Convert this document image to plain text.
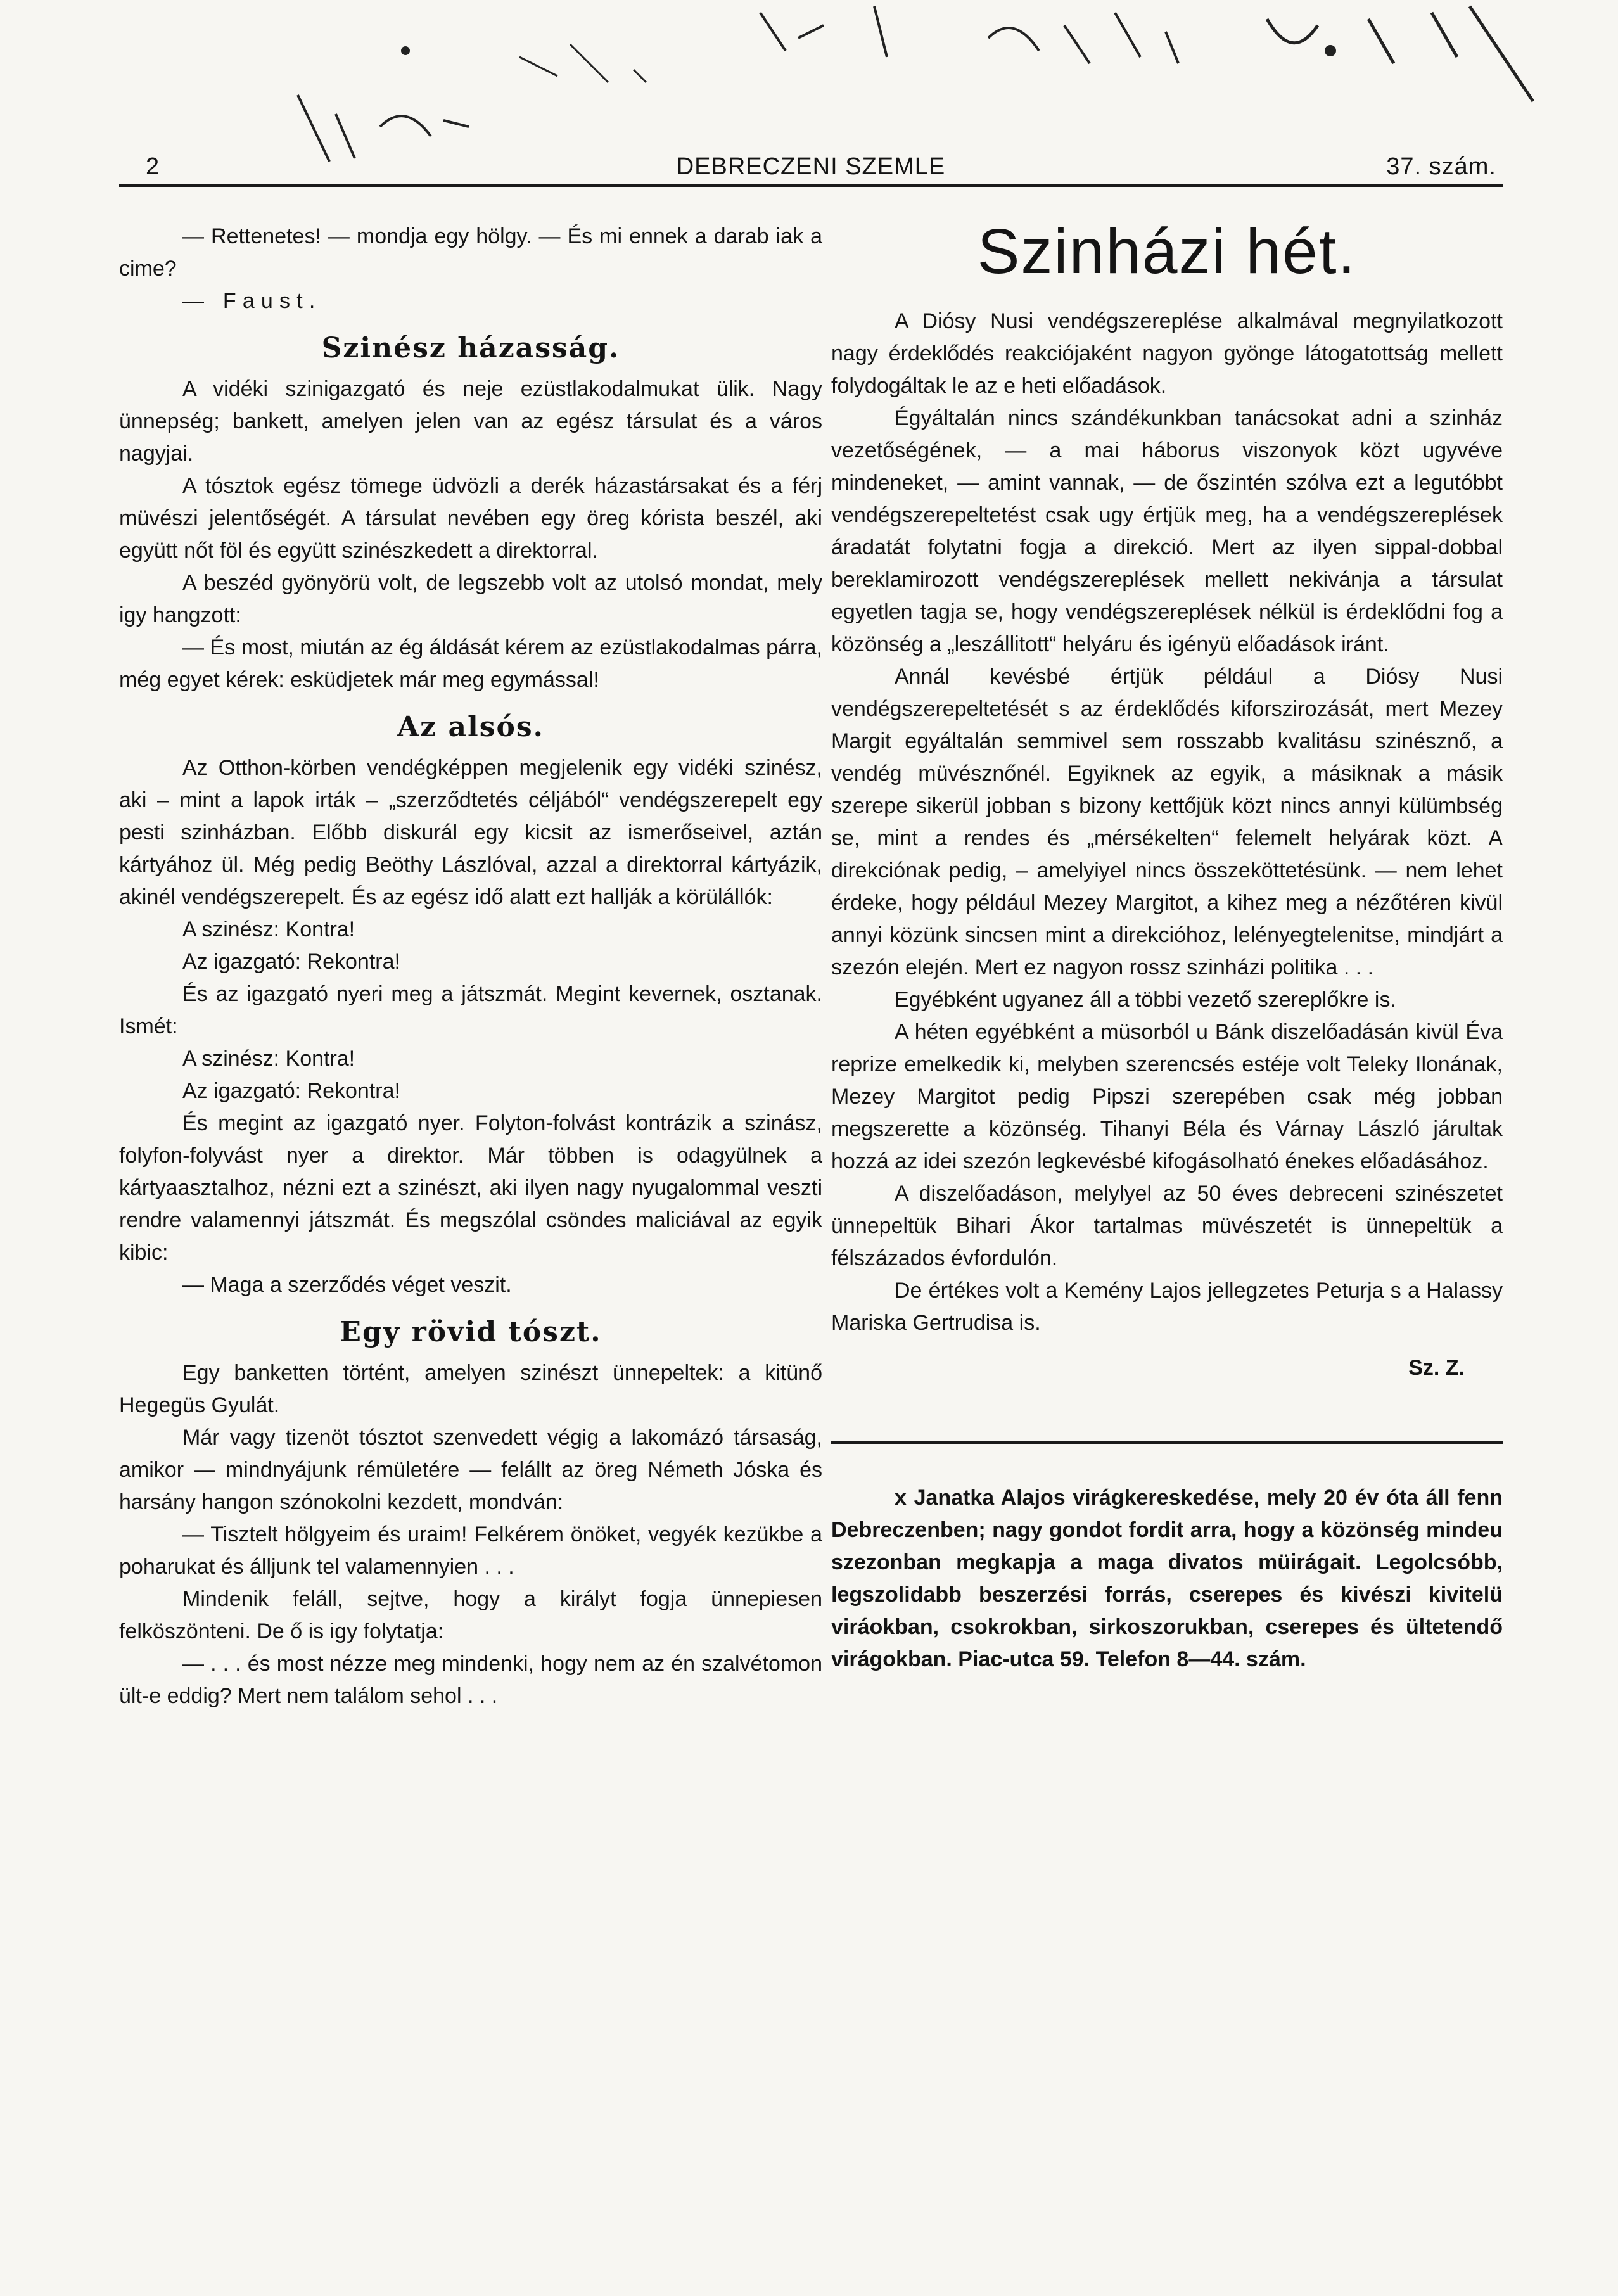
2	DEBRECZENI SZEMLE	37. szám.

— Rettenetes! — mondja egy hölgy. — És mi ennek a darab iak a cime?

— Faust.

Szinész házasság.

A vidéki szinigazgató és neje ezüstlakodalmukat ülik. Nagy ünnepség; bankett, amelyen jelen van az egész társulat és a város nagyjai.

A tósztok egész tömege üdvözli a derék házastársakat és a férj müvészi jelentőségét. A társulat nevében egy öreg kórista beszél, aki együtt nőt föl és együtt szinészkedett a direktorral.

A beszéd gyönyörü volt, de legszebb volt az utolsó mondat, mely igy hangzott:

— És most, miután az ég áldását kérem az ezüstlakodalmas párra, még egyet kérek: esküdjetek már meg egymással!

Az alsós.

Az Otthon-körben vendégképpen megjelenik egy vidéki szinész, aki – mint a lapok irták – „szerződtetés céljából“ vendégszerepelt egy pesti szinházban. Előbb diskurál egy kicsit az ismerőseivel, aztán kártyához ül. Még pedig Beöthy Lászlóval, azzal a direktorral kártyázik, akinél vendégszerepelt. És az egész idő alatt ezt hallják a körülállók:

A szinész: Kontra!

Az igazgató: Rekontra!

És az igazgató nyeri meg a játszmát. Megint kevernek, osztanak. Ismét:

A szinész: Kontra!

Az igazgató: Rekontra!

És megint az igazgató nyer. Folyton-folvást kontrázik a szinász, folyfon-folyvást nyer a direktor. Már többen is odagyülnek a kártyaasztalhoz, nézni ezt a szinészt, aki ilyen nagy nyugalommal veszti rendre valamennyi játszmát. És megszólal csöndes maliciával az egyik kibic:

— Maga a szerződés véget veszit.

Egy rövid tószt.

Egy banketten történt, amelyen szinészt ünnepeltek: a kitünő Hegegüs Gyulát.

Már vagy tizenöt tósztot szenvedett végig a lakomázó társaság, amikor — mindnyájunk rémületére — felállt az öreg Németh Jóska és harsány hangon szónokolni kezdett, mondván:

— Tisztelt hölgyeim és uraim! Felkérem önöket, vegyék kezükbe a poharukat és álljunk tel valamennyien . . .

Mindenik feláll, sejtve, hogy a királyt fogja ünnepiesen felköszönteni. De ő is igy folytatja:

— . . . és most nézze meg mindenki, hogy nem az én szalvétomon ült-e eddig? Mert nem találom sehol . . .

Szinházi hét.

A Diósy Nusi vendégszereplése alkalmával megnyilatkozott nagy érdeklődés reakciójaként nagyon gyönge látogatottság mellett folydogáltak le az e heti előadások.

Égyáltalán nincs szándékunkban tanácsokat adni a szinház vezetőségének, — a mai háborus viszonyok közt ugyvéve mindeneket, — amint vannak, — de őszintén szólva ezt a legutóbbt vendégszerepeltetést csak ugy értjük meg, ha a vendégszereplések áradatát folytatni fogja a direkció. Mert az ilyen sippal-dobbal bereklamirozott vendégszereplések mellett nekivánja a társulat egyetlen tagja se, hogy vendégszereplések nélkül is érdeklődni fog a közönség a „leszállitott“ helyáru és igényü előadások iránt.

Annál kevésbé értjük például a Diósy Nusi vendégszerepeltetését s az érdeklődés kiforszirozását, mert Mezey Margit egyáltalán semmivel sem rosszabb kvalitásu szinésznő, a vendég müvésznőnél. Egyiknek az egyik, a másiknak a másik szerepe sikerül jobban s bizony kettőjük közt nincs annyi külümbség se, mint a rendes és „mérsékelten“ felemelt helyárak közt. A direkciónak pedig, – amelyiyel nincs összeköttetésünk. — nem lehet érdeke, hogy például Mezey Margitot, a kihez meg a nézőtéren kivül annyi közünk sincsen mint a direkcióhoz, lelényegtelenitse, mindjárt a szezón elején. Mert ez nagyon rossz szinházi politika . . .

Egyébként ugyanez áll a többi vezető szereplőkre is.

A héten egyébként a müsorból u Bánk diszelőadásán kivül Éva reprize emelkedik ki, melyben szerencsés estéje volt Teleky Ilonának, Mezey Margitot pedig Pipszi szerepében csak még jobban megszerette a közönség. Tihanyi Béla és Várnay László járultak hozzá az idei szezón legkevésbé kifogásolható énekes előadásához.

A diszelőadáson, melylyel az 50 éves debreceni szinészetet ünnepeltük Bihari Ákor tartalmas müvészetét is ünnepeltük a félszázados évfordulón.

De értékes volt a Kemény Lajos jellegzetes Peturja s a Halassy Mariska Gertrudisa is.

Sz. Z.

x Janatka Alajos virágkereskedése, mely 20 év óta áll fenn Debreczenben; nagy gondot fordit arra, hogy a közönség mindeu szezonban megkapja a maga divatos müirágait. Legolcsóbb, legszolidabb beszerzési forrás, cserepes és kivészi kivitelü viráokban, csokrokban, sirkoszorukban, cserepes és ültetendő virágokban. Piac-utca 59. Telefon 8—44. szám.
